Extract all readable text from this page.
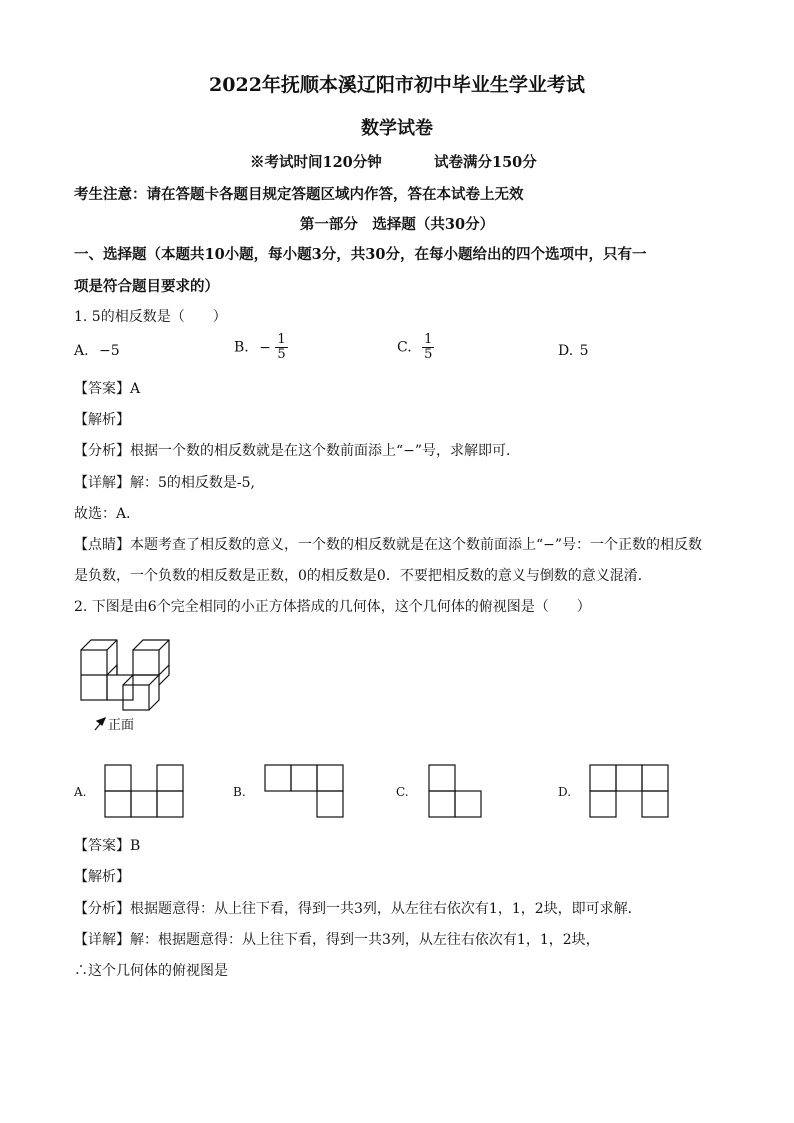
2022年抚顺本溪辽阳市初中毕业生学业考试
数学试卷
※考试时间120分钟	试卷满分150分
考生注意：请在答题卡各题目规定答题区域内作答，答在本试卷上无效
第一部分　选择题（共30分）
一、选择题（本题共10小题，每小题3分，共30分，在每小题给出的四个选项中，只有一
项是符合题目要求的）
1. 5的相反数是（　　）
A. −5	B. − $\frac{1}{5}$	C. $\frac{1}{5}$	D. 5
【答案】A
【解析】
【分析】根据一个数的相反数就是在这个数前面添上“−”号，求解即可．
【详解】解：5的相反数是-5,
故选：A．
【点睛】本题考查了相反数的意义，一个数的相反数就是在这个数前面添上“−”号：一个正数的相反数
是负数，一个负数的相反数是正数，0的相反数是0．不要把相反数的意义与倒数的意义混淆．
2. 下图是由6个完全相同的小正方体搭成的几何体，这个几何体的俯视图是（　　）
正面
A.	B.	C.	D.
【答案】B
【解析】
【分析】根据题意得：从上往下看，得到一共3列，从左往右依次有1，1，2块，即可求解．
【详解】解：根据题意得：从上往下看，得到一共3列，从左往右依次有1，1，2块，
∴这个几何体的俯视图是
